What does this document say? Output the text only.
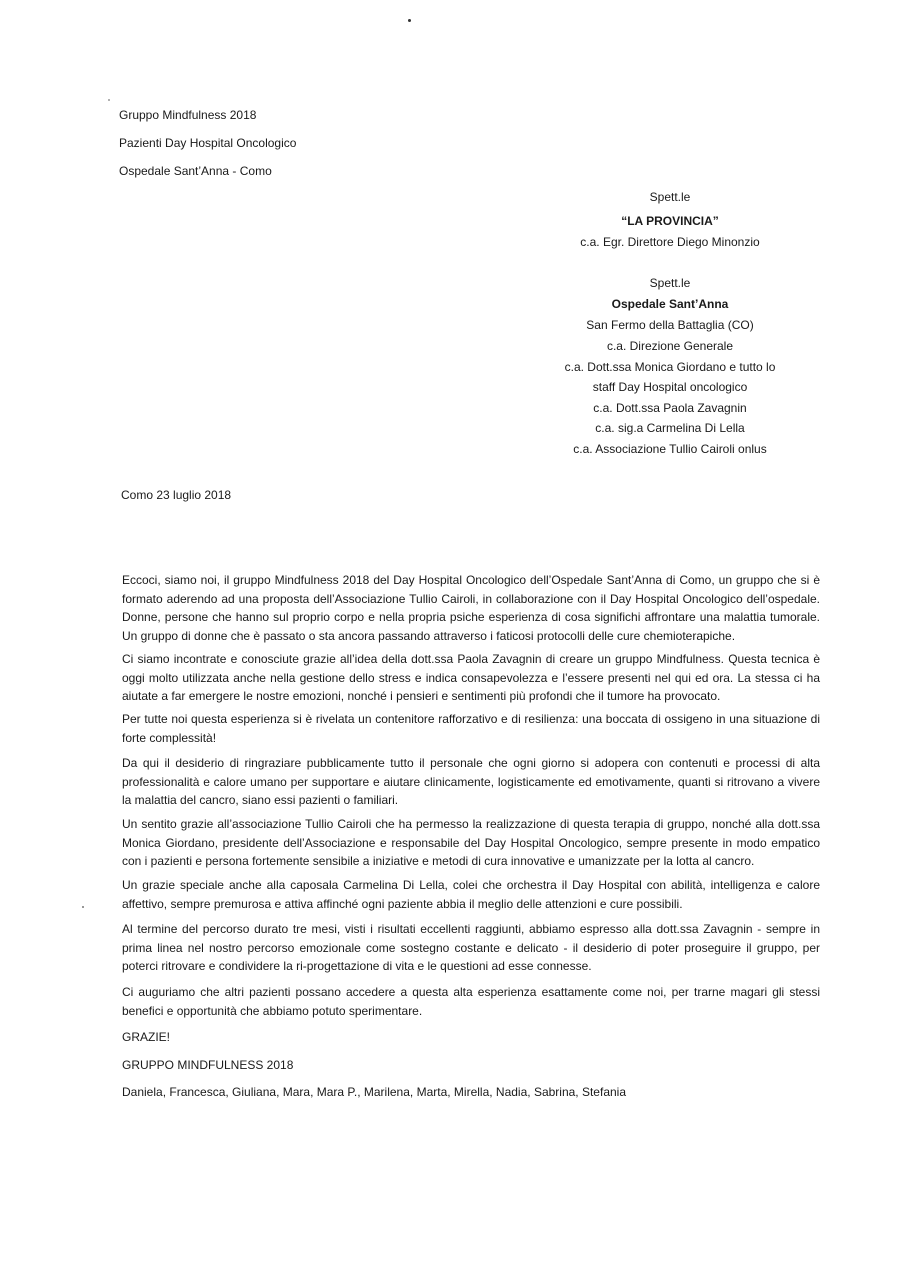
Gruppo Mindfulness 2018
Pazienti Day Hospital Oncologico
Ospedale Sant’Anna - Como
Spett.le
“LA PROVINCIA”
c.a. Egr. Direttore Diego Minonzio
Spett.le
Ospedale Sant’Anna
San Fermo della Battaglia (CO)
c.a. Direzione Generale
c.a. Dott.ssa Monica Giordano e tutto lo
staff Day Hospital oncologico
c.a. Dott.ssa Paola Zavagnin
c.a. sig.a Carmelina Di Lella
c.a. Associazione Tullio Cairoli onlus
Como 23 luglio 2018
Eccoci, siamo noi, il gruppo Mindfulness 2018 del Day Hospital Oncologico dell’Ospedale Sant’Anna di Como, un gruppo che si è formato aderendo ad una proposta dell’Associazione Tullio Cairoli, in collaborazione con il Day Hospital Oncologico dell’ospedale. Donne, persone che hanno sul proprio corpo e nella propria psiche esperienza di cosa significhi affrontare una malattia tumorale. Un gruppo di donne che è passato o sta ancora passando attraverso i faticosi protocolli delle cure chemioterapiche.
Ci siamo incontrate e conosciute grazie all’idea della dott.ssa Paola Zavagnin di creare un gruppo Mindfulness. Questa tecnica è oggi molto utilizzata anche nella gestione dello stress e indica consapevolezza e l’essere presenti nel qui ed ora. La stessa ci ha aiutate a far emergere le nostre emozioni, nonché i pensieri e sentimenti più profondi che il tumore ha provocato.
Per tutte noi questa esperienza si è rivelata un contenitore rafforzativo e di resilienza: una boccata di ossigeno in una situazione di forte complessità!
Da qui il desiderio di ringraziare pubblicamente tutto il personale che ogni giorno si adopera con contenuti e processi di alta professionalità e calore umano per supportare e aiutare clinicamente, logisticamente ed emotivamente, quanti si ritrovano a vivere la malattia del cancro, siano essi pazienti o familiari.
Un sentito grazie all’associazione Tullio Cairoli che ha permesso la realizzazione di questa terapia di gruppo, nonché alla dott.ssa Monica Giordano, presidente dell’Associazione e responsabile del Day Hospital Oncologico, sempre presente in modo empatico con i pazienti e persona fortemente sensibile a iniziative e metodi di cura innovative e umanizzate per la lotta al cancro.
Un grazie speciale anche alla caposala Carmelina Di Lella, colei che orchestra il Day Hospital con abilità, intelligenza e calore affettivo, sempre premurosa e attiva affinché ogni paziente abbia il meglio delle attenzioni e cure possibili.
Al termine del percorso durato tre mesi, visti i risultati eccellenti raggiunti, abbiamo espresso alla dott.ssa Zavagnin - sempre in prima linea nel nostro percorso emozionale come sostegno costante e delicato - il desiderio di poter proseguire il gruppo, per poterci ritrovare e condividere la ri-progettazione di vita e le questioni ad esse connesse.
Ci auguriamo che altri pazienti possano accedere a questa alta esperienza esattamente come noi, per trarne magari gli stessi benefici e opportunità che abbiamo potuto sperimentare.
GRAZIE!
GRUPPO MINDFULNESS 2018
Daniela, Francesca, Giuliana, Mara, Mara P., Marilena, Marta, Mirella, Nadia, Sabrina, Stefania
